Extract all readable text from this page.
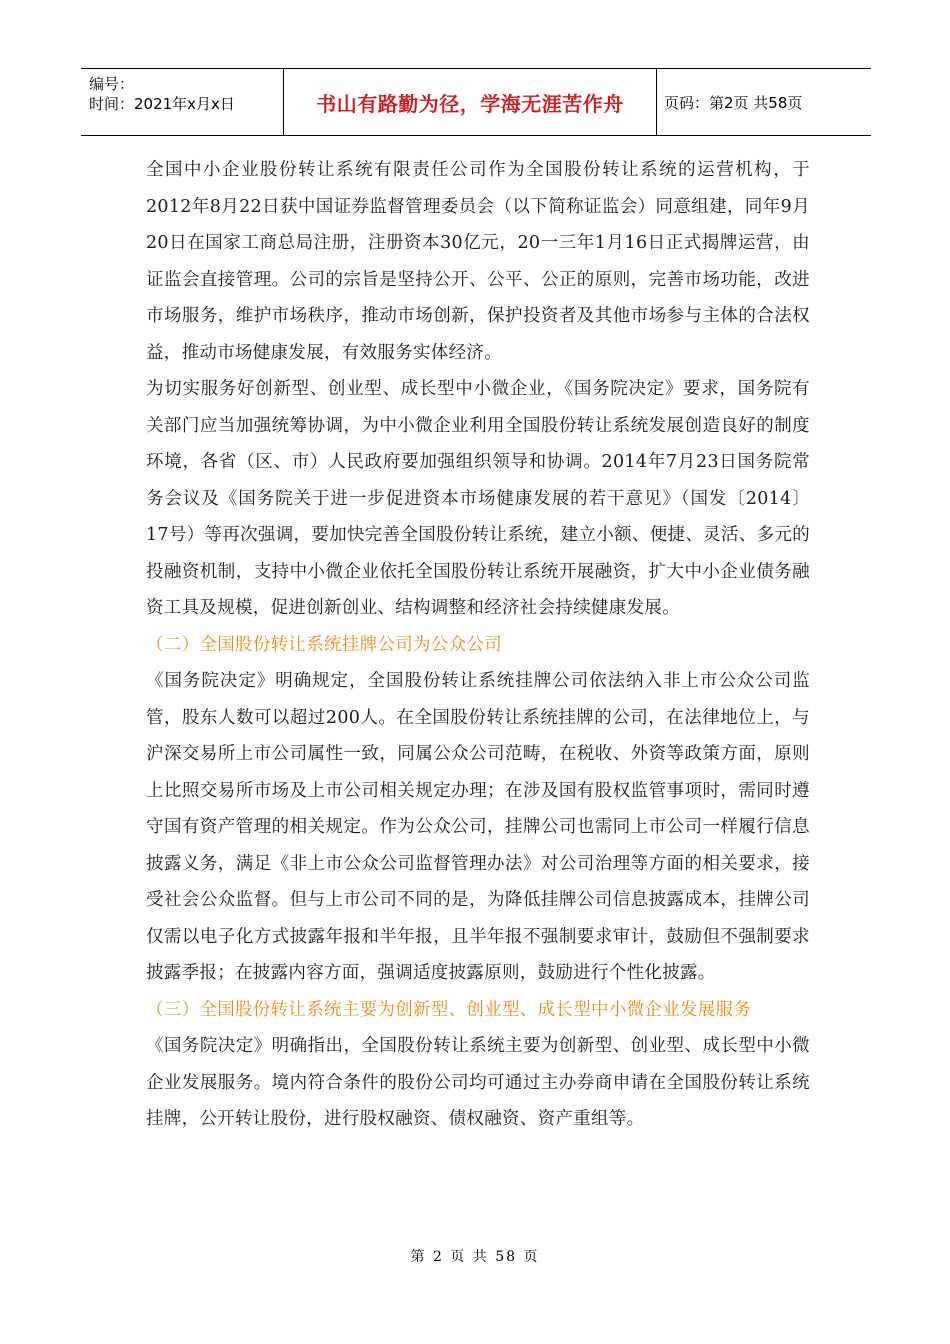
编号：
时间：2021年x月x日	书山有路勤为径，学海无涯苦作舟	页码：第2页 共58页

全国中小企业股份转让系统有限责任公司作为全国股份转让系统的运营机构，于2012年8月22日获中国证券监督管理委员会（以下简称证监会）同意组建，同年9月20日在国家工商总局注册，注册资本30亿元，20一三年1月16日正式揭牌运营，由证监会直接管理。公司的宗旨是坚持公开、公平、公正的原则，完善市场功能，改进市场服务，维护市场秩序，推动市场创新，保护投资者及其他市场参与主体的合法权益，推动市场健康发展，有效服务实体经济。

为切实服务好创新型、创业型、成长型中小微企业，《国务院决定》要求，国务院有关部门应当加强统筹协调，为中小微企业利用全国股份转让系统发展创造良好的制度环境，各省（区、市）人民政府要加强组织领导和协调。2014年7月23日国务院常务会议及《国务院关于进一步促进资本市场健康发展的若干意见》（国发〔2014〕17号）等再次强调，要加快完善全国股份转让系统，建立小额、便捷、灵活、多元的投融资机制，支持中小微企业依托全国股份转让系统开展融资，扩大中小企业债务融资工具及规模，促进创新创业、结构调整和经济社会持续健康发展。

（二）全国股份转让系统挂牌公司为公众公司

《国务院决定》明确规定，全国股份转让系统挂牌公司依法纳入非上市公众公司监管，股东人数可以超过200人。在全国股份转让系统挂牌的公司，在法律地位上，与沪深交易所上市公司属性一致，同属公众公司范畴，在税收、外资等政策方面，原则上比照交易所市场及上市公司相关规定办理；在涉及国有股权监管事项时，需同时遵守国有资产管理的相关规定。作为公众公司，挂牌公司也需同上市公司一样履行信息披露义务，满足《非上市公众公司监督管理办法》对公司治理等方面的相关要求，接受社会公众监督。但与上市公司不同的是，为降低挂牌公司信息披露成本，挂牌公司仅需以电子化方式披露年报和半年报，且半年报不强制要求审计，鼓励但不强制要求披露季报；在披露内容方面，强调适度披露原则，鼓励进行个性化披露。

（三）全国股份转让系统主要为创新型、创业型、成长型中小微企业发展服务

《国务院决定》明确指出，全国股份转让系统主要为创新型、创业型、成长型中小微企业发展服务。境内符合条件的股份公司均可通过主办券商申请在全国股份转让系统挂牌，公开转让股份，进行股权融资、债权融资、资产重组等。

第 2 页 共 58 页
